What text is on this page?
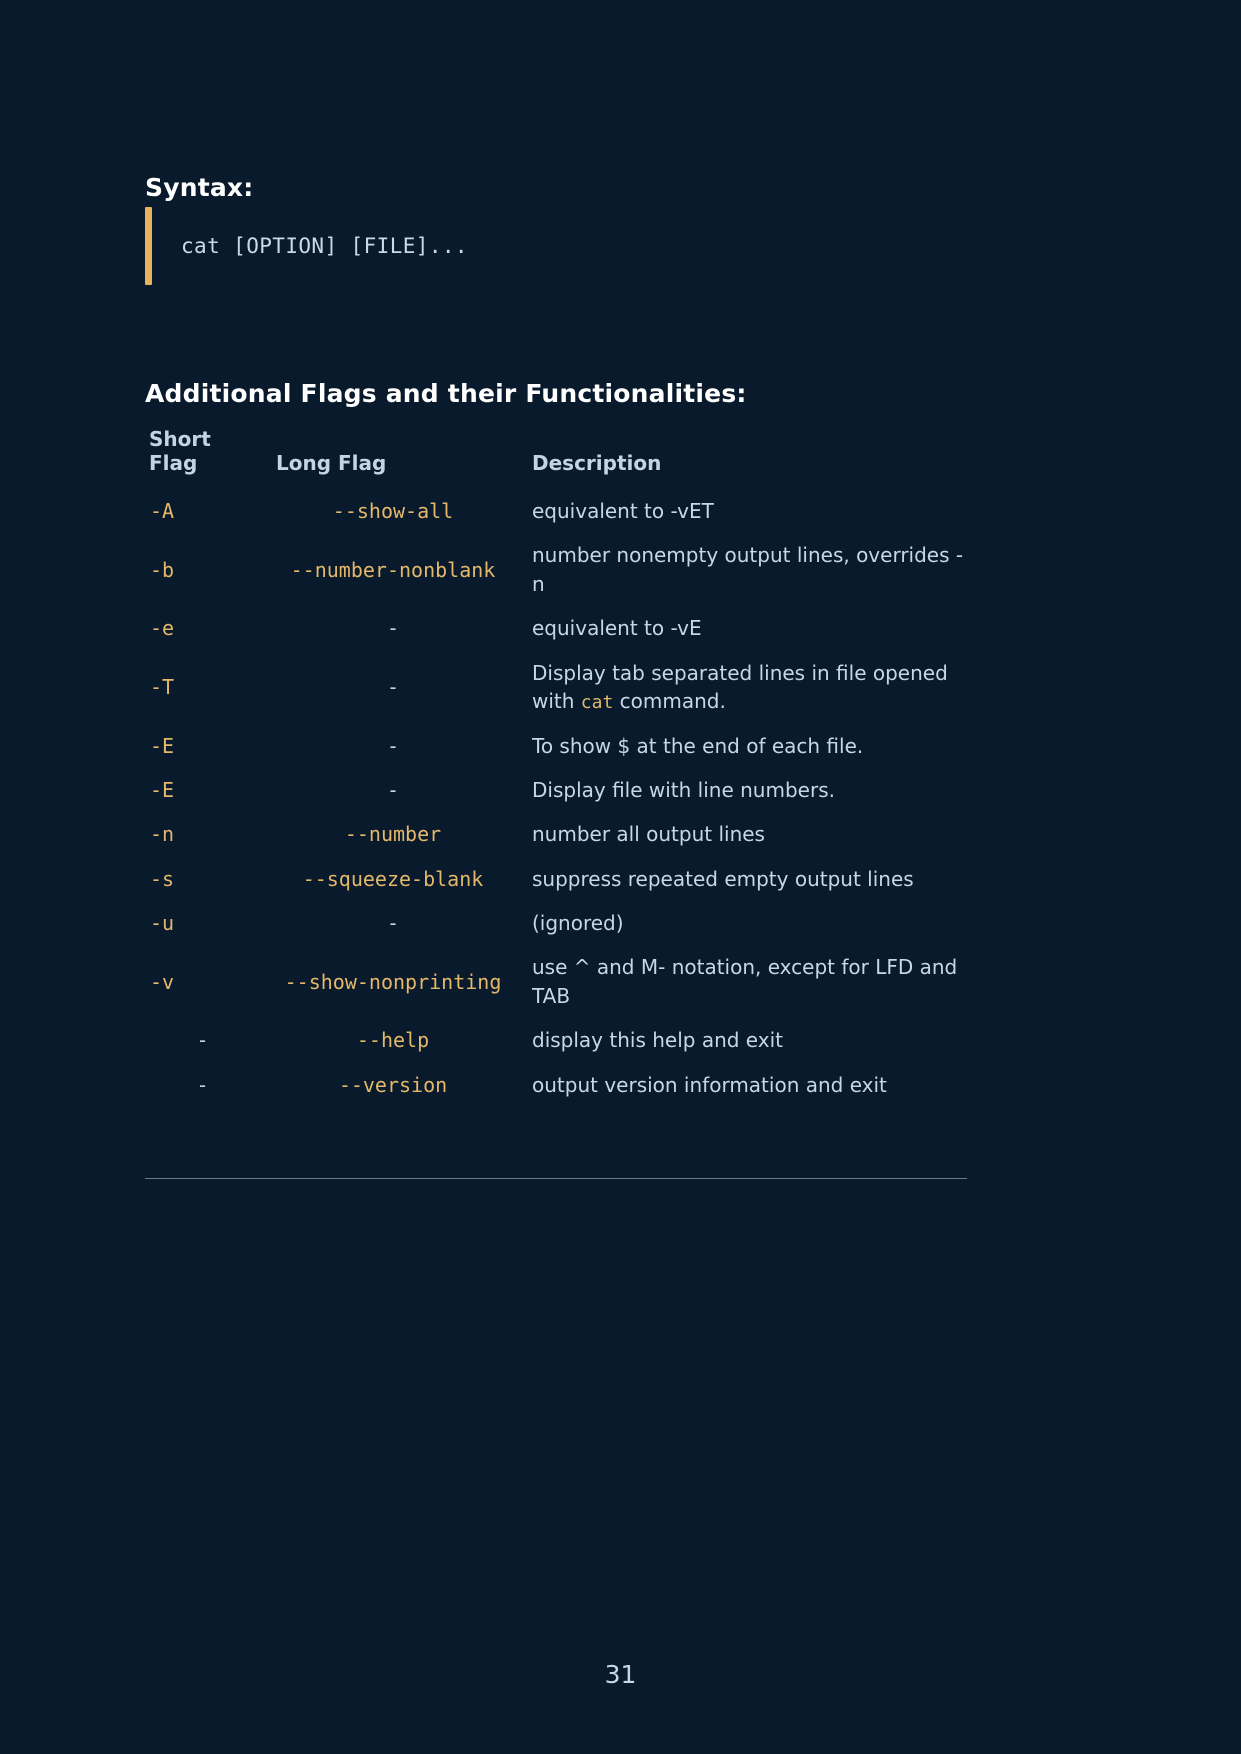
Syntax:
cat [OPTION] [FILE]...
Additional Flags and their Functionalities:
Short Flag	Long Flag	Description
-A	--show-all	equivalent to -vET
-b	--number-nonblank	number nonempty output lines, overrides -n
-e	-	equivalent to -vE
-T	-	Display tab separated lines in file opened with cat command.
-E	-	To show $ at the end of each file.
-E	-	Display file with line numbers.
-n	--number	number all output lines
-s	--squeeze-blank	suppress repeated empty output lines
-u	-	(ignored)
-v	--show-nonprinting	use ^ and M- notation, except for LFD and TAB
-	--help	display this help and exit
-	--version	output version information and exit
31
